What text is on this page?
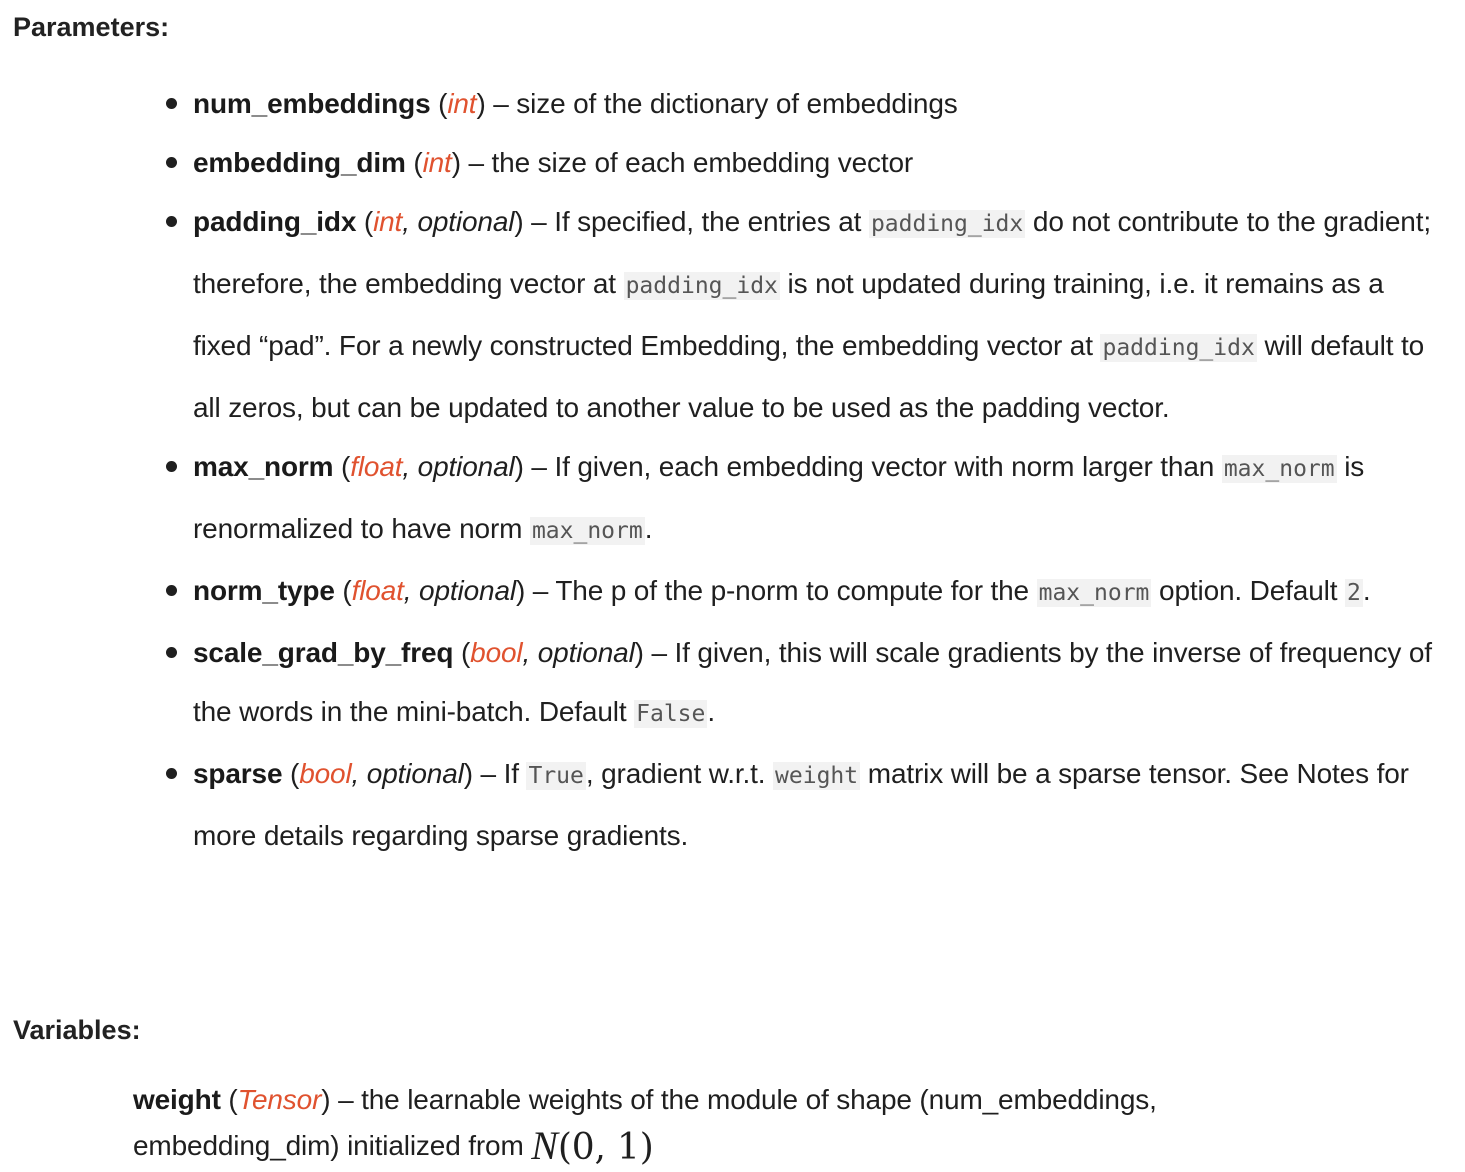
Parameters:

num_embeddings (int) – size of the dictionary of embeddings
embedding_dim (int) – the size of each embedding vector
padding_idx (int, optional) – If specified, the entries at padding_idx do not contribute to the gradient; therefore, the embedding vector at padding_idx is not updated during training, i.e. it remains as a fixed “pad”. For a newly constructed Embedding, the embedding vector at padding_idx will default to all zeros, but can be updated to another value to be used as the padding vector.
max_norm (float, optional) – If given, each embedding vector with norm larger than max_norm is renormalized to have norm max_norm.
norm_type (float, optional) – The p of the p-norm to compute for the max_norm option. Default 2.
scale_grad_by_freq (bool, optional) – If given, this will scale gradients by the inverse of frequency of the words in the mini-batch. Default False.
sparse (bool, optional) – If True, gradient w.r.t. weight matrix will be a sparse tensor. See Notes for more details regarding sparse gradients.

Variables:

weight (Tensor) – the learnable weights of the module of shape (num_embeddings, embedding_dim) initialized from N(0, 1)
